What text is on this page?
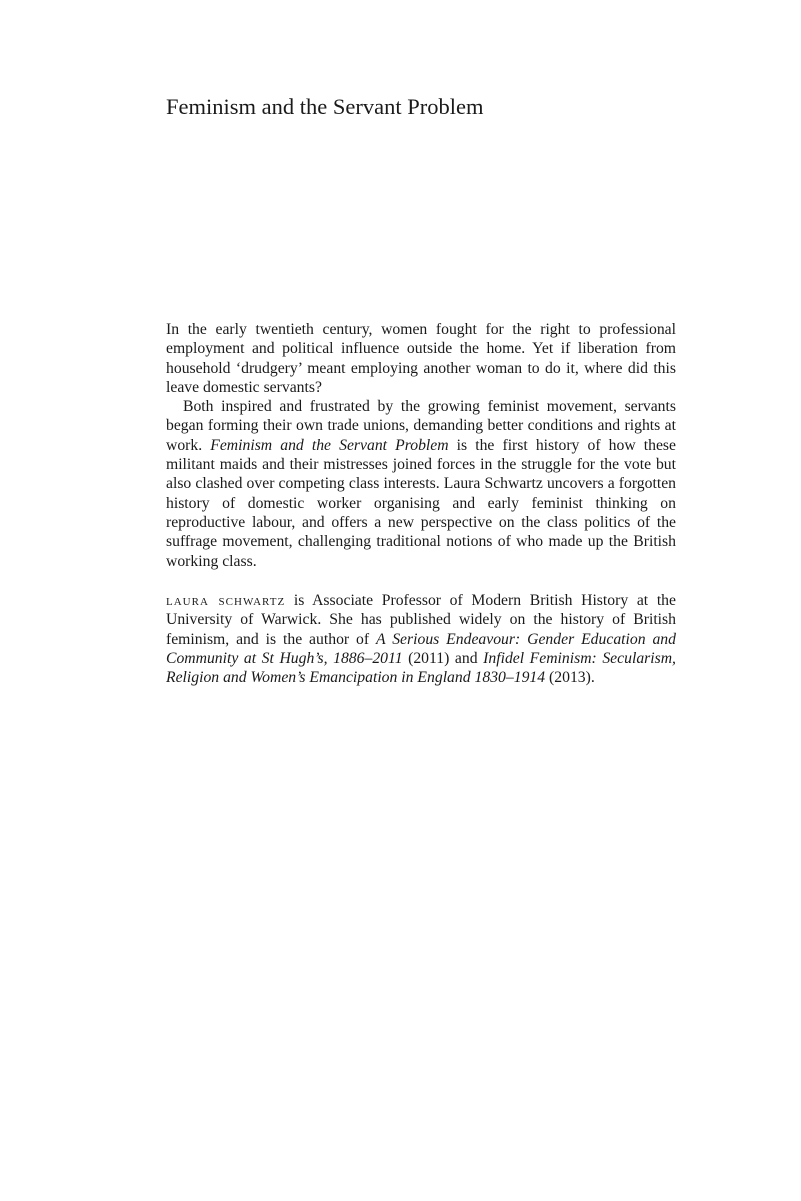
Feminism and the Servant Problem

In the early twentieth century, women fought for the right to professional employment and political influence outside the home. Yet if liberation from household ‘drudgery’ meant employing another woman to do it, where did this leave domestic servants?

Both inspired and frustrated by the growing feminist movement, servants began forming their own trade unions, demanding better conditions and rights at work. Feminism and the Servant Problem is the first history of how these militant maids and their mistresses joined forces in the struggle for the vote but also clashed over competing class interests. Laura Schwartz uncovers a forgotten history of domestic worker organising and early feminist thinking on reproductive labour, and offers a new perspective on the class politics of the suffrage movement, challenging traditional notions of who made up the British working class.

laura schwartz is Associate Professor of Modern British History at the University of Warwick. She has published widely on the history of British feminism, and is the author of A Serious Endeavour: Gender Education and Community at St Hugh’s, 1886–2011 (2011) and Infidel Feminism: Secularism, Religion and Women’s Emancipation in England 1830–1914 (2013).
